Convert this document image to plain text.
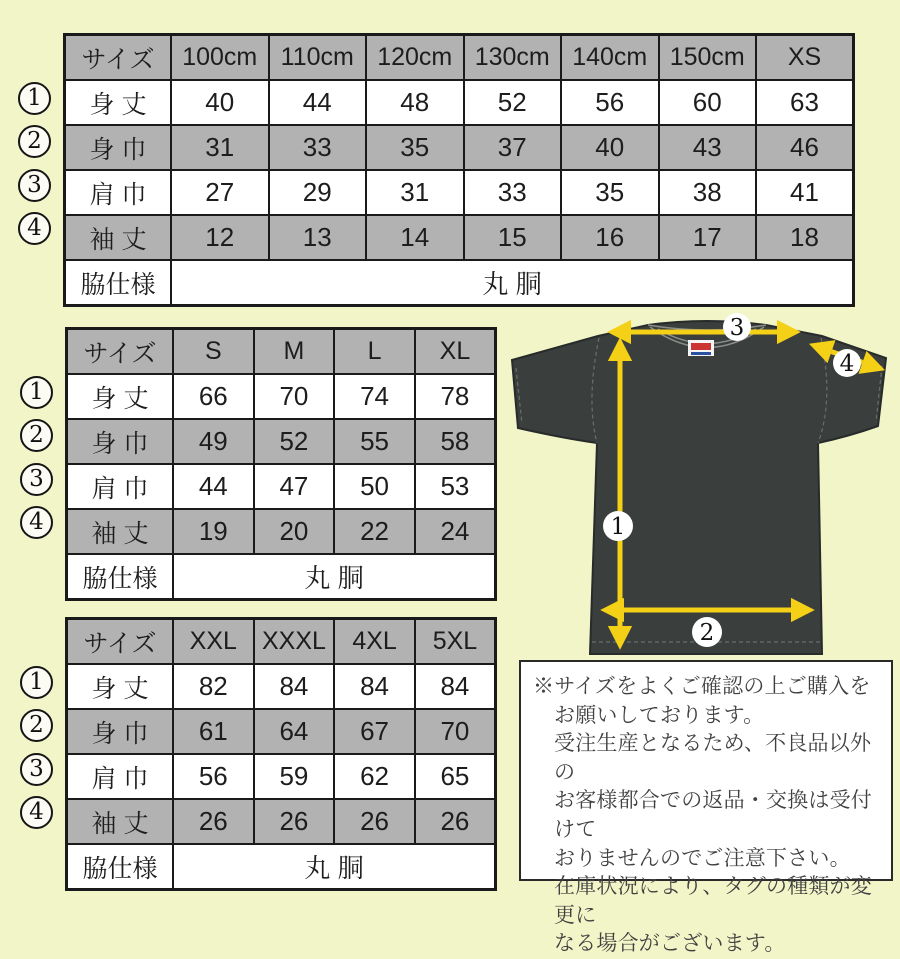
1
2
3
4
サイズ	100cm	110cm	120cm	130cm	140cm	150cm	XS
身 丈	40	44	48	52	56	60	63
身 巾	31	33	35	37	40	43	46
肩 巾	27	29	31	33	35	38	41
袖 丈	12	13	14	15	16	17	18
脇仕様	丸 胴						
1
2
3
4
サイズ	S	M	L	XL
身 丈	66	70	74	78
身 巾	49	52	55	58
肩 巾	44	47	50	53
袖 丈	19	20	22	24
脇仕様	丸 胴			
1
2
3
4
サイズ	XXL	XXXL	4XL	5XL
身 丈	82	84	84	84
身 巾	61	64	67	70
肩 巾	56	59	62	65
袖 丈	26	26	26	26
脇仕様	丸 胴			
1
2
3
4
※サイズをよくご確認の上ご購入を
お願いしております。
受注生産となるため、不良品以外の
お客様都合での返品・交換は受付けて
おりませんのでご注意下さい。
在庫状況により、タグの種類が変更に
なる場合がございます。
